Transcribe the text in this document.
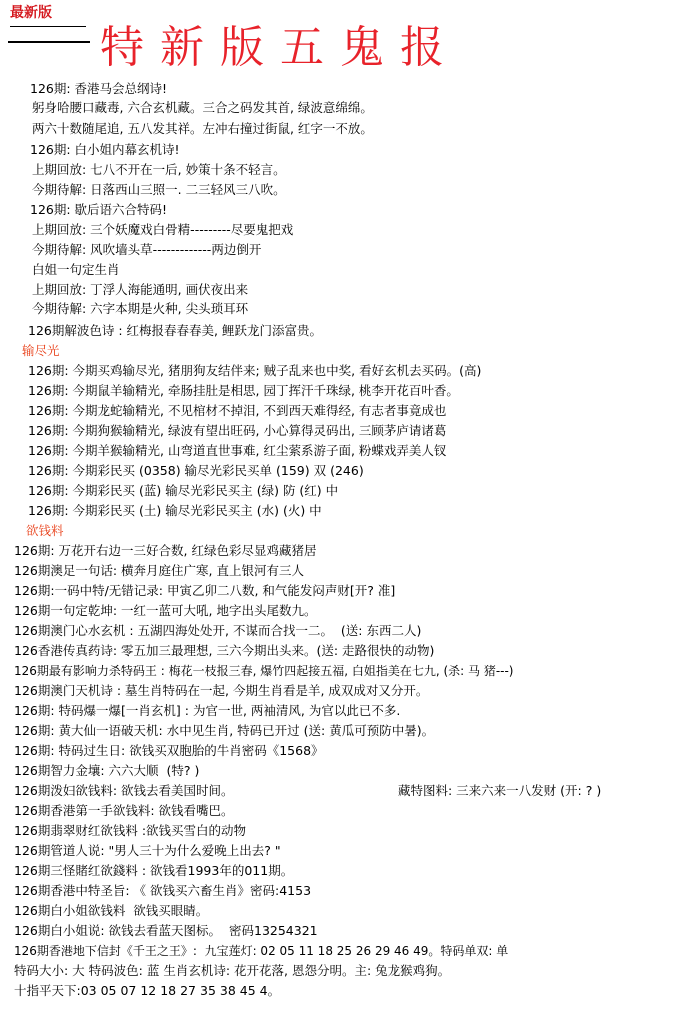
最新版
特新版五鬼报
126期: 香港马会总纲诗!
躬身哈腰口藏毒, 六合玄机藏。三合之码发其首, 绿波意绵绵。
两六十数随尾追, 五八发其祥。左冲右撞过街鼠, 红字一不放。
126期: 白小姐内幕玄机诗!
上期回放: 七八不开在一后, 妙策十条不轻言。
今期待解: 日落西山三照一. 二三轻风三八吹。
126期: 歇后语六合特码!
上期回放: 三个妖魔戏白骨精---------尽要鬼把戏
今期待解: 风吹墙头草-------------两边倒开
白姐一句定生肖
上期回放: 丁浮人海能通明, 画伏夜出来
今期待解: 六字本期是火种, 尖头琐耳环
126期解波色诗 : 红梅报春春春美, 鲤跃龙门添富贵。
输尽光
126期: 今期买鸡输尽光, 猪朋狗友结伴来; 贼子乱来也中奖, 看好玄机去买码。(高)
126期: 今期鼠羊输精光, 牵肠挂肚是相思, 园丁挥汗千珠绿, 桃李开花百叶香。
126期: 今期龙蛇输精光, 不见棺材不掉泪, 不到西天难得经, 有志者事竟成也
126期: 今期狗猴输精光, 绿波有望出旺码, 小心算得灵码出, 三顾茅庐请诸葛
126期: 今期羊猴输精光, 山弯道直世事难, 红尘萦系游子面, 粉蝶戏弄美人钗
126期: 今期彩民买 (0358) 输尽光彩民买单 (159) 双 (246)
126期: 今期彩民买 (蓝) 输尽光彩民买主 (绿) 防 (红) 中
126期: 今期彩民买 (土) 输尽光彩民买主 (水) (火) 中
欲钱料
126期: 万花开右边一三好合数, 红绿色彩尽显鸡藏猪居
126期澳足一句话: 横奔月庭住广寒, 直上银河有三人
126期:一码中特/无错记录: 甲寅乙卯二八数, 和气能发闷声财[开? 准]
126期一句定乾坤: 一红一蓝可大吼, 地字出头尾数九。
126期澳门心水玄机 : 五湖四海处处开, 不谋而合找一二。  (送: 东西二人)
126香港传真药诗: 零五加三最理想, 三六今期出头来。(送: 走路很快的动物)
126期最有影响力杀特码王 : 梅花一枝报三春, 爆竹四起接五福, 白姐指美在七九, (杀: 马 猪---)
126期澳门天机诗 : 墓生肖特码在一起, 今期生肖看是羊, 成双成对又分开。
126期: 特码爆一爆[一肖玄机] : 为官一世, 两袖清风, 为官以此已不多.
126期: 黄大仙一语破天机: 水中见生肖, 特码已开过 (送: 黄瓜可预防中暑)。
126期: 特码过生日: 欲钱买双胞胎的牛肖密码《1568》
126期智力金壤: 六六大顺  (特? )
126期泼妇欲钱料: 欲钱去看美国时间。	藏特图料: 三来六来一八发财 (开: ? )
126期香港第一手欲钱料: 欲钱看嘴巴。
126期翡翠财红欲钱料 :欲钱买雪白的动物
126期管道人说: "男人三十为什么爱晚上出去? "
126期三怪賭红欲錢料 : 欲钱看1993年的011期。
126期香港中特圣旨: 《 欲钱买六畜生肖》密码:4153
126期白小姐欲钱料  欲钱买眼睛。
126期白小姐说: 欲钱去看蓝天图标。  密码13254321
126期香港地下信封《千王之王》:  九宝莲灯: 02 05 11 18 25 26 29 46 49。特码单双: 单
特码大小: 大 特码波色: 蓝 生肖玄机诗: 花开花落, 恩怨分明。主: 兔龙猴鸡狗。
十指平天下:03 05 07 12 18 27 35 38 45 4。
